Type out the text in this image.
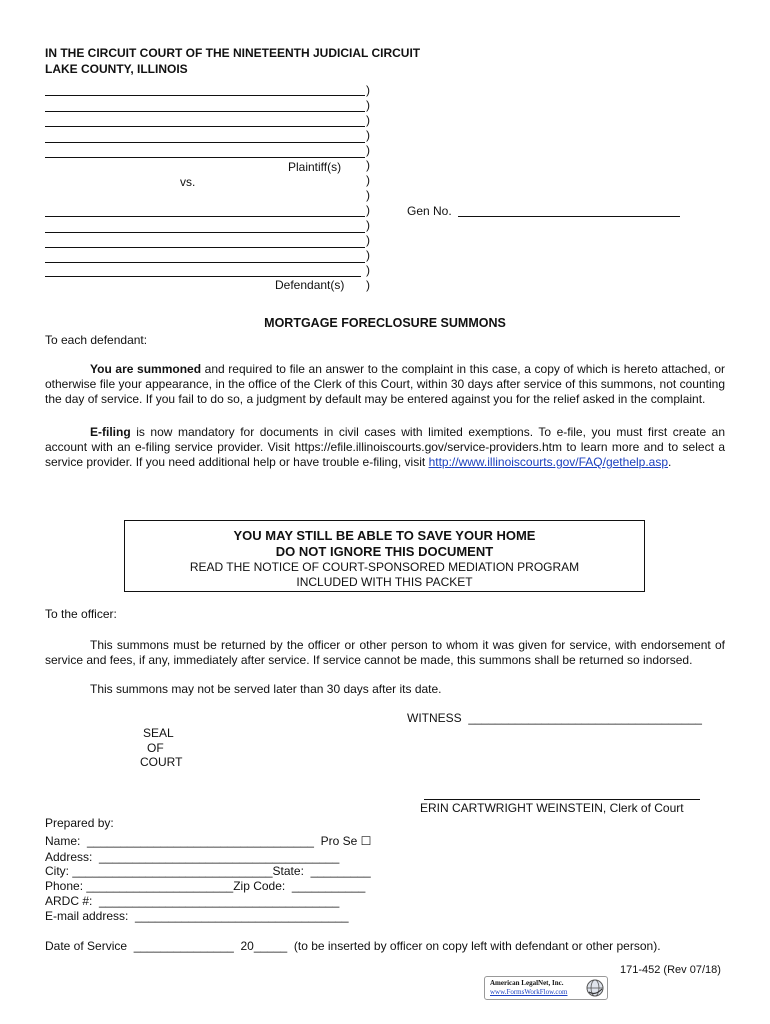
IN THE CIRCUIT COURT OF THE NINETEENTH JUDICIAL CIRCUIT
LAKE COUNTY, ILLINOIS
Plaintiff(s)
vs.
Defendant(s)
)
)
)
)
)
)
)
)
)
)
)
)
)
)
Gen No.
MORTGAGE FORECLOSURE SUMMONS
To each defendant:
You are summoned and required to file an answer to the complaint in this case, a copy of which is hereto attached, or otherwise file your appearance, in the office of the Clerk of this Court, within 30 days after service of this summons, not counting the day of service. If you fail to do so, a judgment by default may be entered against you for the relief asked in the complaint.
E-filing is now mandatory for documents in civil cases with limited exemptions. To e-file, you must first create an account with an e-filing service provider. Visit https://efile.illinoiscourts.gov/service-providers.htm to learn more and to select a service provider. If you need additional help or have trouble e-filing, visit http://www.illinoiscourts.gov/FAQ/gethelp.asp.
YOU MAY STILL BE ABLE TO SAVE YOUR HOME
DO NOT IGNORE THIS DOCUMENT
READ THE NOTICE OF COURT-SPONSORED MEDIATION PROGRAM
INCLUDED WITH THIS PACKET
To the officer:
This summons must be returned by the officer or other person to whom it was given for service, with endorsement of service and fees, if any, immediately after service. If service cannot be made, this summons shall be returned so indorsed.
This summons may not be served later than 30 days after its date.
WITNESS  ___________________________________
SEAL
OF
COURT
ERIN CARTWRIGHT WEINSTEIN, Clerk of Court
Prepared by:
Name:  __________________________________  Pro Se ☐
Address:  ____________________________________
City: ______________________________State:  _________
Phone: ______________________Zip Code:  ___________
ARDC #:  ____________________________________
E-mail address:  ________________________________
Date of Service  _______________  20_____  (to be inserted by officer on copy left with defendant or other person).
171-452 (Rev 07/18)
American LegalNet, Inc.
www.FormsWorkFlow.com
